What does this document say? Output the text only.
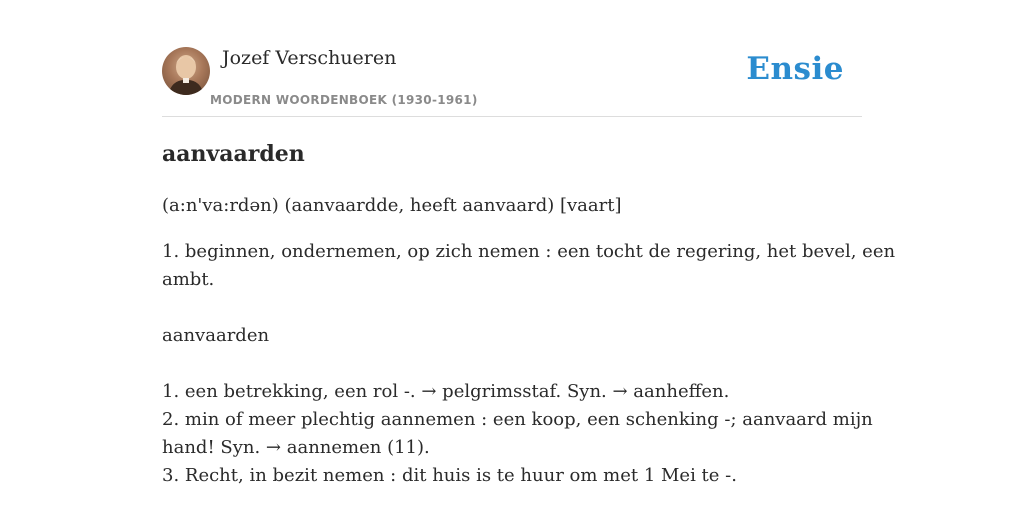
Jozef Verschueren
MODERN WOORDENBOEK (1930-1961)
Ensie
aanvaarden
(a:n'va:rdən) (aanvaardde, heeft aanvaard) [vaart]
1. beginnen, ondernemen, op zich nemen : een tocht de regering, het bevel, een
ambt.
aanvaarden
1. een betrekking, een rol -. → pelgrimsstaf. Syn. → aanheffen.
2. min of meer plechtig aannemen : een koop, een schenking -; aanvaard mijn
hand! Syn. → aannemen (11).
3. Recht, in bezit nemen : dit huis is te huur om met 1 Mei te -.
